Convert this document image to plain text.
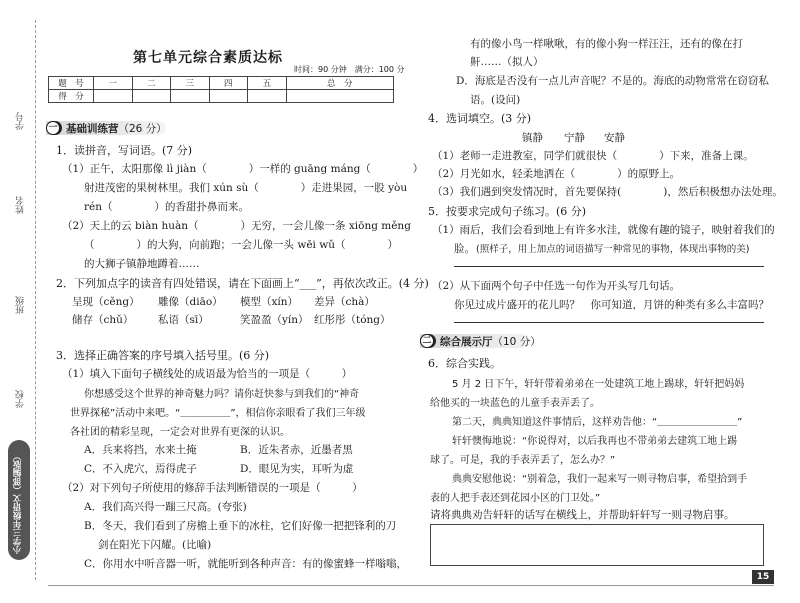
学号
姓名
班级
学校
小学三年级语文（部编版）
第七单元综合素质达标
时间：90 分钟　满分：100 分
题　号	一	二	三	四	五	总　分
得　分						
一 基础训练营（26 分）
1．读拼音，写词语。(7 分)
（1）正午，太阳那像 lì jiàn（　　　　）一样的 guāng máng（　　　　）
射进茂密的果树林里。我们 xún sù（　　　　）走进果园，一股 yòu
rén（　　　　）的香甜扑鼻而来。
（2）天上的云 biàn huàn（　　　　）无穷，一会儿像一条 xiōng měng
（　　　　）的大狗，向前跑；一会儿像一头 wēi wǔ（　　　　）
的大狮子镇静地蹲着……
2．下列加点字的读音有四处错误，请在下面画上“___”，再依次改正。(4 分)
呈现（cěng） 雕像（diāo） 模型（xín） 差异（chà）
储存（chǔ） 私语（sī）	笑盈盈（yín） 红彤彤（tóng）
3．选择正确答案的序号填入括号里。(6 分)
（1）填入下面句子横线处的成语最为恰当的一项是（　　　）
你想感受这个世界的神奇魅力吗？请你赶快参与到我们的“神奇
世界探秘”活动中来吧。“＿＿＿＿＿”，相信你亲眼看了我们三年级
各社团的精彩呈现，一定会对世界有更深的认识。
A．兵来将挡，水来土掩	B．近朱者赤，近墨者黑
C．不入虎穴，焉得虎子	D．眼见为实，耳听为虚
（2）对下列句子所使用的修辞手法判断错误的一项是（　　　）
A．我们高兴得一蹦三尺高。(夸张)
B．冬天，我们看到了房檐上垂下的冰柱，它们好像一把把锋利的刀
剑在阳光下闪耀。(比喻)
C．你用水中听音器一听，就能听到各种声音：有的像蜜蜂一样嗡嗡，
有的像小鸟一样啾啾，有的像小狗一样汪汪，还有的像在打
鼾……（拟人）
D．海底是否没有一点儿声音呢？不是的。海底的动物常常在窃窃私
语。(设问)
4．选词填空。(3 分)
镇静 宁静 安静
（1）老师一走进教室，同学们就很快（　　　　）下来，准备上课。
（2）月光如水，轻柔地洒在（　　　　）的原野上。
（3）我们遇到突发情况时，首先要保持(　　　　)，然后积极想办法处理。
5．按要求完成句子练习。(6 分)
（1）雨后，我们会看到地上有许多水洼，就像有趣的镜子，映射着我们的
脸。 (照样子，用上加点的词语描写一种常见的事物，体现出事物的美)
（2）从下面两个句子中任选一句作为开头写几句话。
你见过成片盛开的花儿吗？　你可知道，月饼的种类有多么丰富吗？
二 综合展示厅（10 分）
6．综合实践。
5 月 2 日下午，轩轩带着弟弟在一处建筑工地上踢球，轩轩把妈妈
给他买的一块蓝色的儿童手表弄丢了。
第二天，典典知道这件事情后，这样劝告他：“＿＿＿＿＿＿＿＿”
轩轩懊悔地说：“你说得对，以后我再也不带弟弟去建筑工地上踢
球了。可是，我的手表弄丢了，怎么办？”
典典安慰他说：“别着急，我们一起来写一则寻物启事，希望拾到手
表的人把手表还到花园小区的门卫处。”
请将典典劝告轩轩的话写在横线上，并帮助轩轩写一则寻物启事。
15
